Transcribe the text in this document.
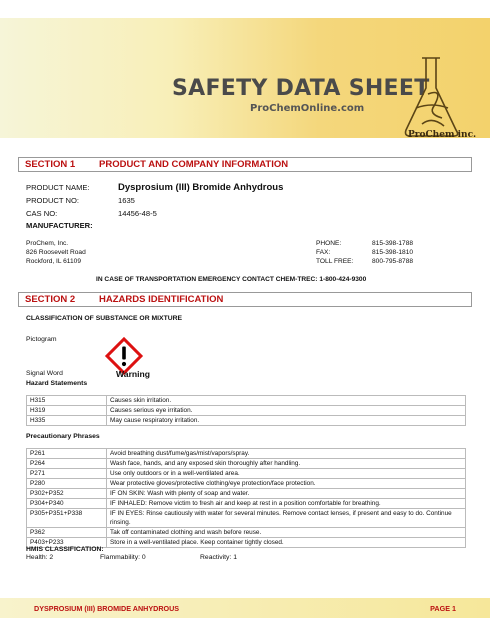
SAFETY DATA SHEET
ProChemOnline.com
ProChem inc.
SECTION 1	PRODUCT AND COMPANY INFORMATION
PRODUCT NAME:	Dysprosium (III) Bromide Anhydrous
PRODUCT NO:	1635
CAS NO:	14456-48-5
MANUFACTURER:
ProChem, Inc.
826 Roosevelt Road
Rockford, IL 61109
PHONE:	815-398-1788
FAX:	815-398-1810
TOLL FREE:	800-795-8788
IN CASE OF TRANSPORTATION EMERGENCY CONTACT CHEM-TREC: 1-800-424-9300
SECTION 2	HAZARDS IDENTIFICATION
CLASSIFICATION OF SUBSTANCE OR MIXTURE
Pictogram
Signal Word	Warning
Hazard Statements
H315	Causes skin irritation.
H319	Causes serious eye irritation.
H335	May cause respiratory irritation.
Precautionary Phrases
P261	Avoid breathing dust/fume/gas/mist/vapors/spray.
P264	Wash face, hands, and any exposed skin thoroughly after handling.
P271	Use only outdoors or in a well-ventilated area.
P280	Wear protective gloves/protective clothing/eye protection/face protection.
P302+P352	IF ON SKIN: Wash with plenty of soap and water.
P304+P340	IF INHALED: Remove victim to fresh air and keep at rest in a position comfortable for breathing.
P305+P351+P338	IF IN EYES: Rinse cautiously with water for several minutes. Remove contact lenses, if present and easy to do. Continue rinsing.
P362	Tak off contaminated clothing and wash before reuse.
P403+P233	Store in a well-ventilated place. Keep container tightly closed.
HMIS CLASSIFICATION:
Health: 2	Flammability: 0	Reactivity: 1
DYSPROSIUM (III) BROMIDE ANHYDROUS	PAGE 1
